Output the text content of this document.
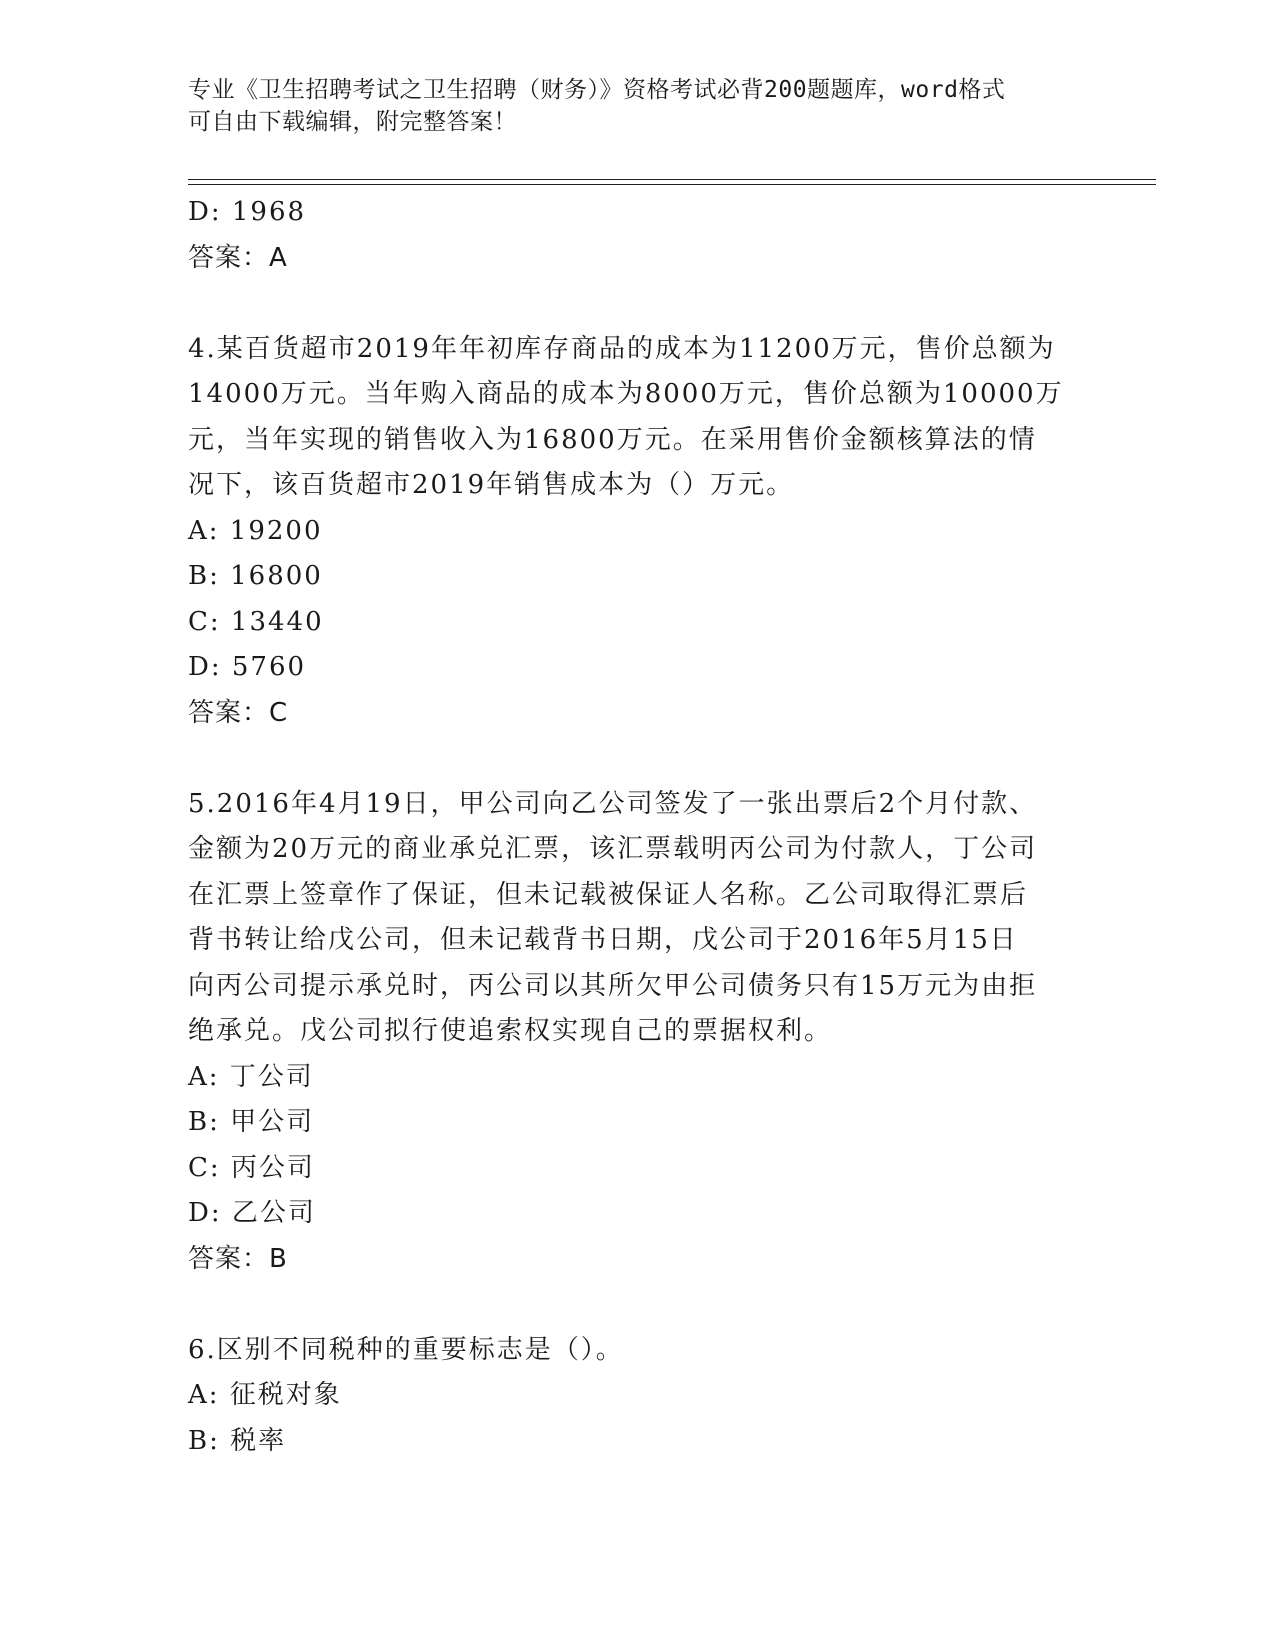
专业《卫生招聘考试之卫生招聘（财务）》资格考试必背200题题库，word格式
可自由下载编辑，附完整答案！
D: 1968
答案：A
4.某百货超市2019年年初库存商品的成本为11200万元，售价总额为
14000万元。当年购入商品的成本为8000万元，售价总额为10000万
元，当年实现的销售收入为16800万元。在采用售价金额核算法的情
况下，该百货超市2019年销售成本为（）万元。
A: 19200
B: 16800
C: 13440
D: 5760
答案：C
5.2016年4月19日，甲公司向乙公司签发了一张出票后2个月付款、
金额为20万元的商业承兑汇票，该汇票载明丙公司为付款人，丁公司
在汇票上签章作了保证，但未记载被保证人名称。乙公司取得汇票后
背书转让给戊公司，但未记载背书日期，戊公司于2016年5月15日
向丙公司提示承兑时，丙公司以其所欠甲公司债务只有15万元为由拒
绝承兑。戊公司拟行使追索权实现自己的票据权利。
A: 丁公司
B: 甲公司
C: 丙公司
D: 乙公司
答案：B
6.区别不同税种的重要标志是（）。
A: 征税对象
B: 税率
